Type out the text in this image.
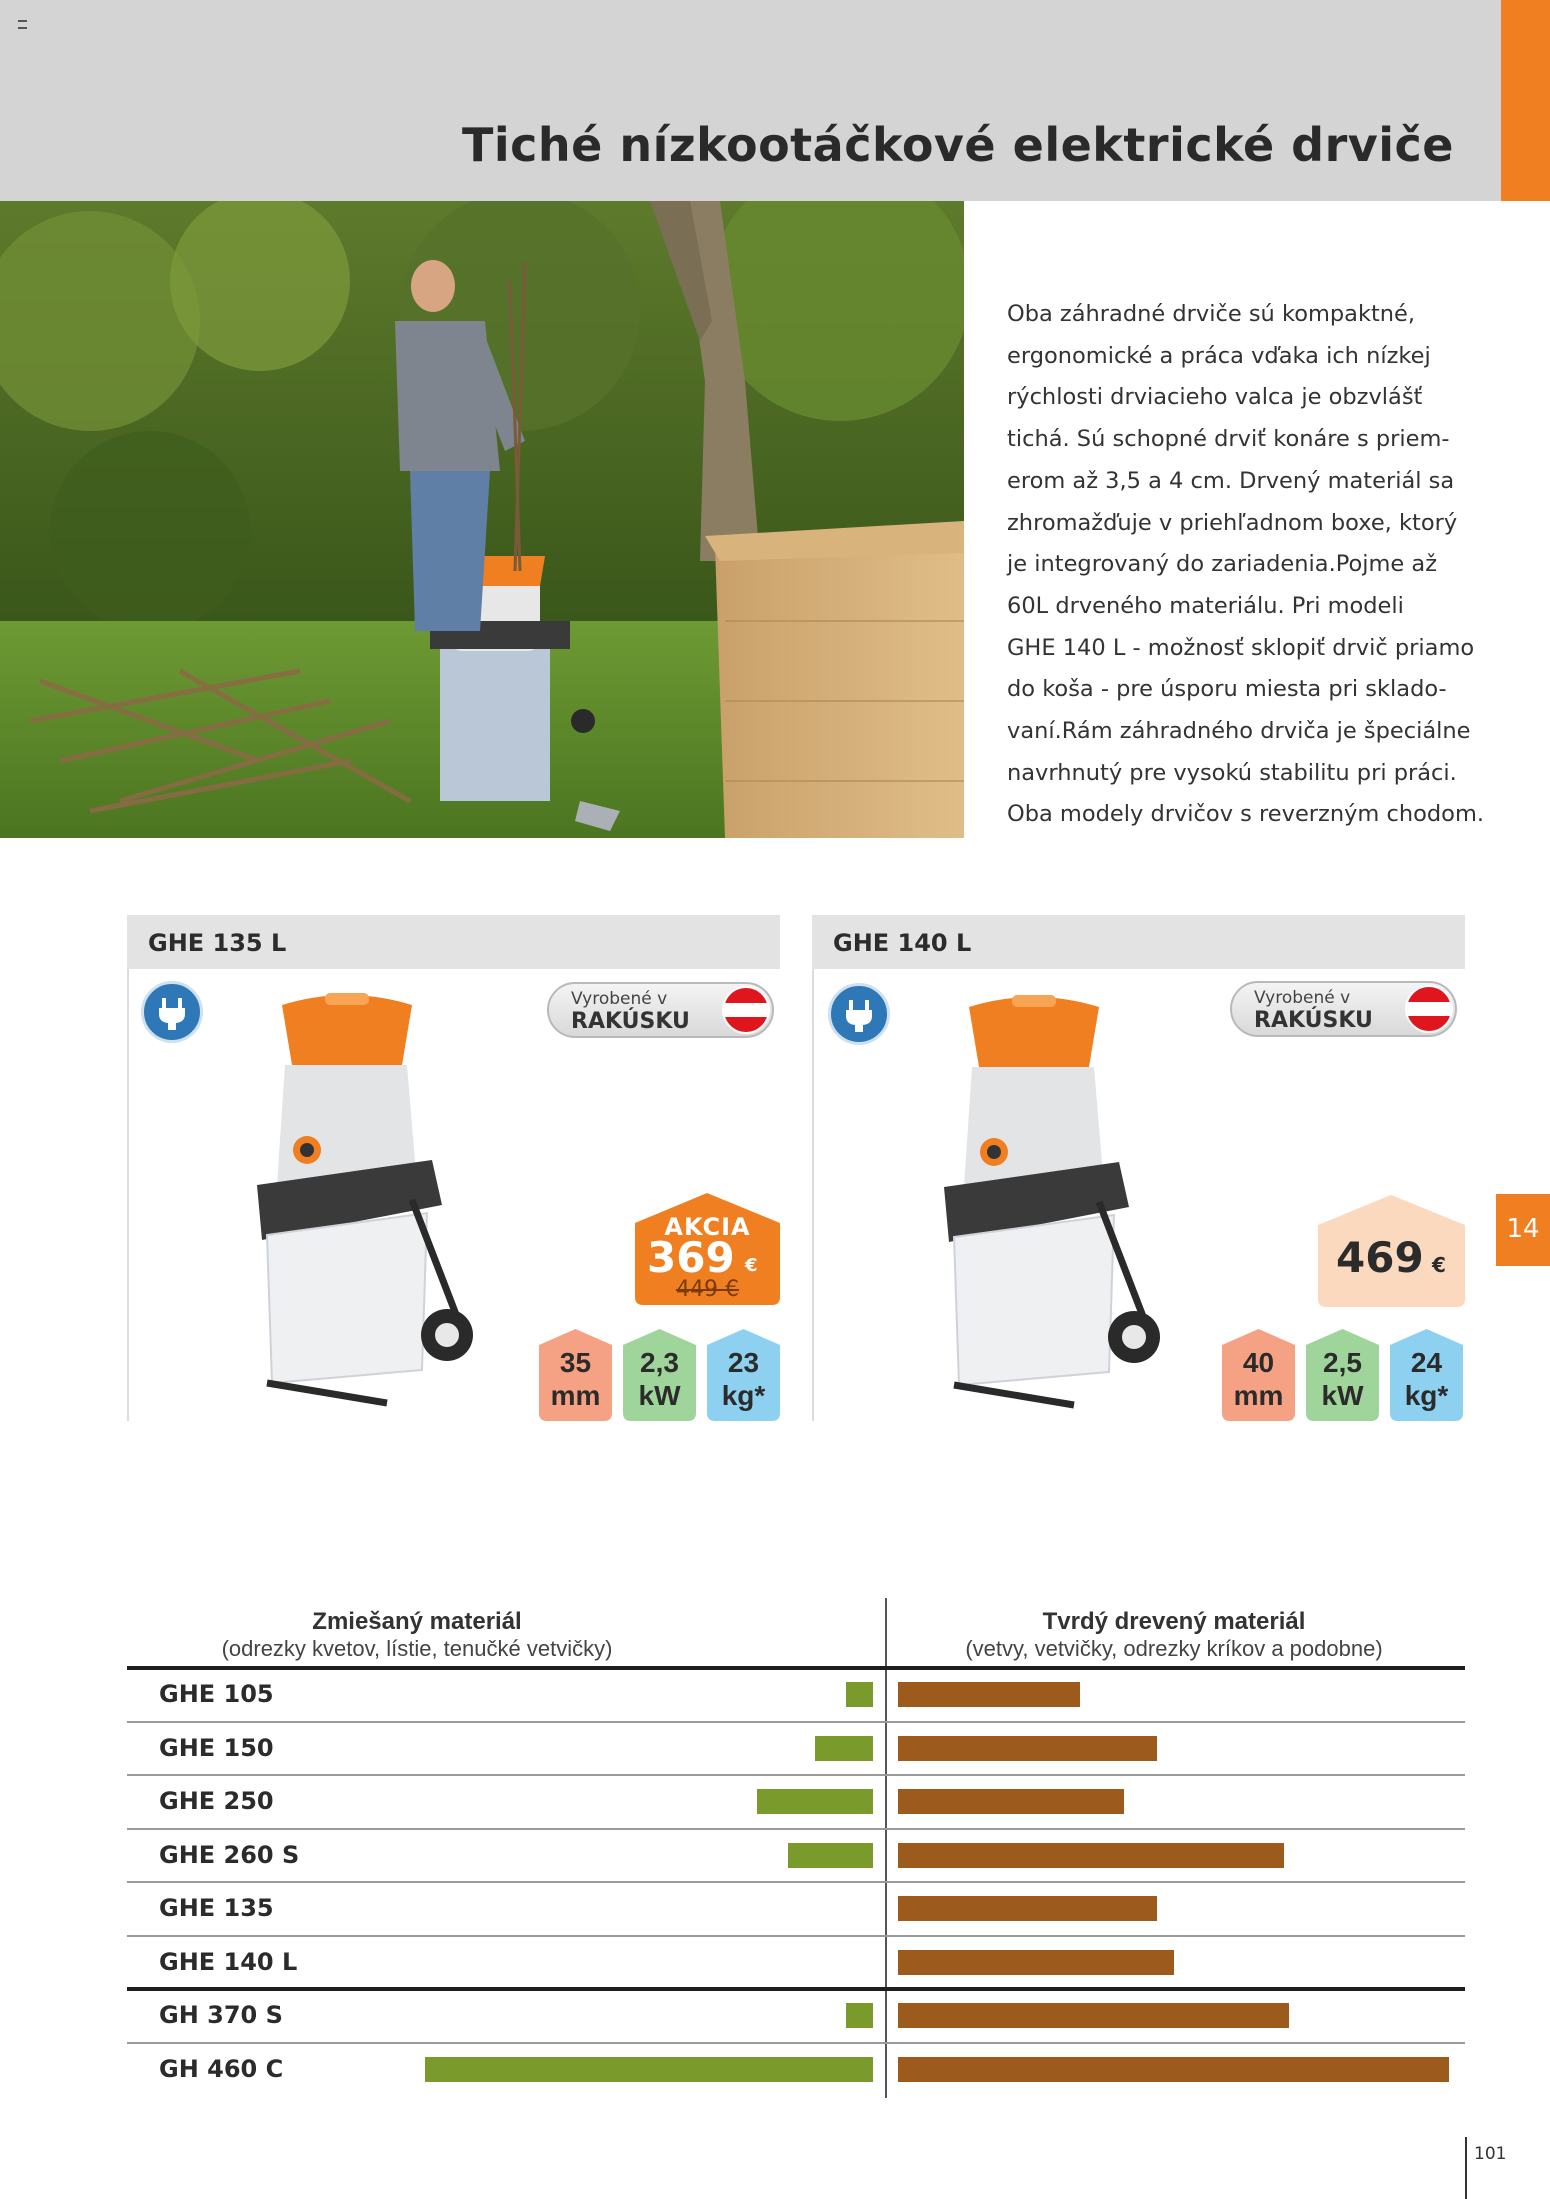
Tiché nízkootáčkové elektrické drviče
Oba záhradné drviče sú kompaktné,
ergonomické a práca vďaka ich nízkej
rýchlosti drviacieho valca je obzvlášť
tichá. Sú schopné drviť konáre s priem-
erom až 3,5 a 4 cm. Drvený materiál sa
zhromažďuje v priehľadnom boxe, ktorý
je integrovaný do zariadenia.Pojme až
60L drveného materiálu. Pri modeli
GHE 140 L - možnosť sklopiť drvič priamo
do koša - pre úsporu miesta pri sklado-
vaní.Rám záhradného drviča je špeciálne
navrhnutý pre vysokú stabilitu pri práci.
Oba modely drvičov s reverzným chodom.
GHE 135 L
Vyrobené v
RAKÚSKU
AKCIA
369 €
449 €
35
mm
2,3
kW
23
kg*
GHE 140 L
Vyrobené v
RAKÚSKU
469 €
40
mm
2,5
kW
24
kg*
Zmiešaný materiál
(odrezky kvetov, lístie, tenučké vetvičky)
Tvrdý drevený materiál
(vetvy, vetvičky, odrezky kríkov a podobne)
GHE 105
GHE 150
GHE 250
GHE 260 S
GHE 135
GHE 140 L
GH 370 S
GH 460 C
14
101
